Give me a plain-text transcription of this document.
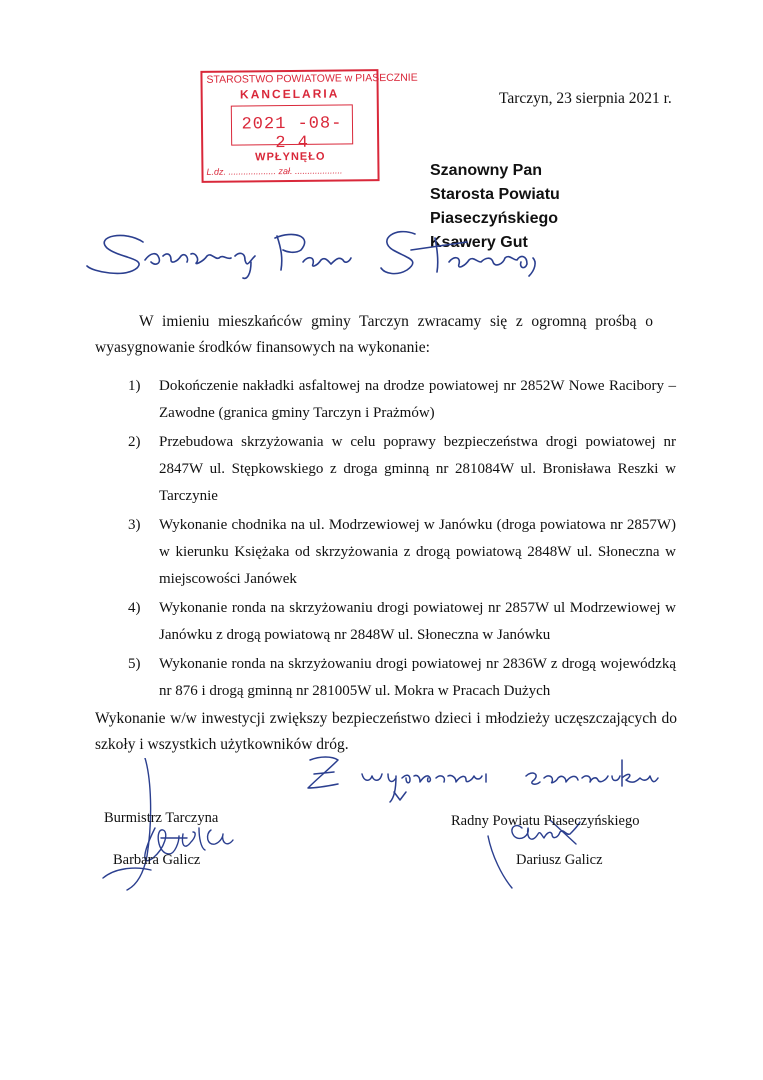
STAROSTWO POWIATOWE w PIASECZNIE
KANCELARIA
2021 -08- 2 4
WPŁYNĘŁO
L.dz. ................... zał. ...................
Tarczyn, 23 sierpnia 2021 r.
Szanowny Pan
Starosta Powiatu
Piaseczyńskiego
Ksawery Gut
W imieniu mieszkańców gminy Tarczyn zwracamy się z ogromną prośbą o wyasygnowanie środków finansowych na wykonanie:
1) Dokończenie nakładki asfaltowej na drodze powiatowej nr 2852W Nowe Racibory – Zawodne (granica gminy Tarczyn i Prażmów)
2) Przebudowa skrzyżowania w celu poprawy bezpieczeństwa drogi powiatowej nr 2847W ul. Stępkowskiego z droga gminną nr 281084W ul. Bronisława Reszki w Tarczynie
3) Wykonanie chodnika na ul. Modrzewiowej w Janówku (droga powiatowa nr 2857W) w kierunku Księżaka od skrzyżowania z drogą powiatową 2848W ul. Słoneczna w miejscowości Janówek
4) Wykonanie ronda na skrzyżowaniu drogi powiatowej nr 2857W ul Modrzewiowej w Janówku z drogą powiatową nr 2848W ul. Słoneczna w Janówku
5) Wykonanie ronda na skrzyżowaniu drogi powiatowej nr 2836W z drogą wojewódzką nr 876 i drogą gminną nr 281005W ul. Mokra w Pracach Dużych
Wykonanie w/w inwestycji zwiększy bezpieczeństwo dzieci i młodzieży uczęszczających do szkoły i wszystkich użytkowników dróg.
Burmistrz Tarczyna
Barbara Galicz
Radny Powiatu Piaseczyńskiego
Dariusz Galicz
